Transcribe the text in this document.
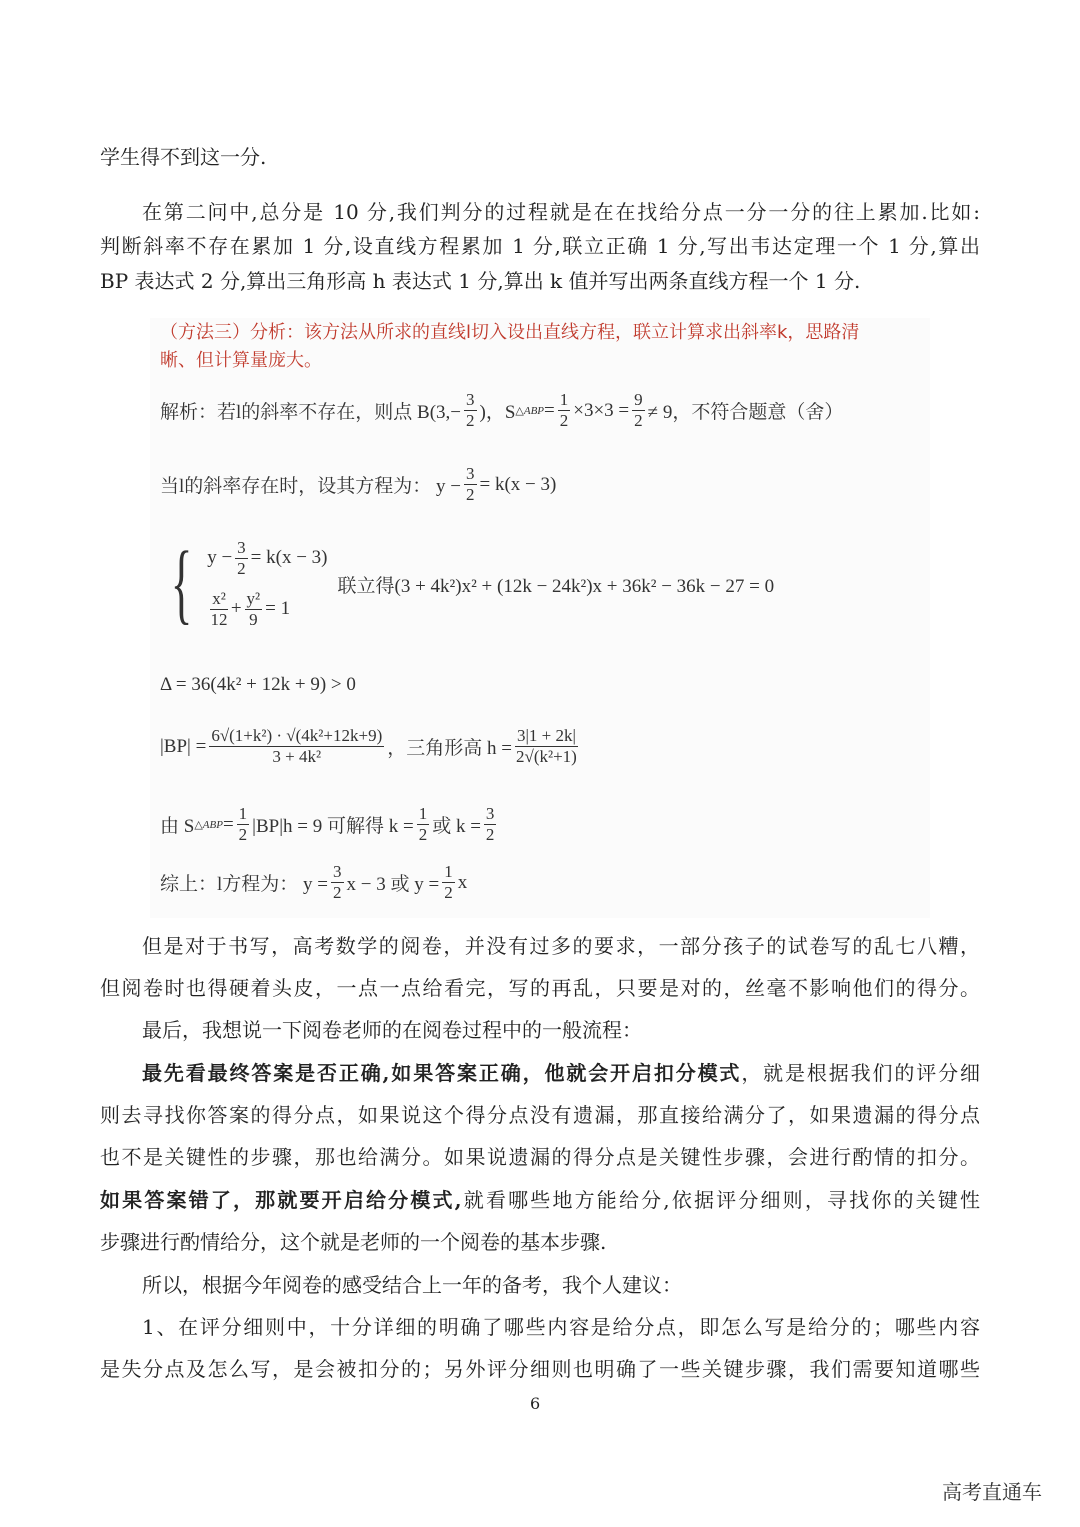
学生得不到这一分.
在第二问中,总分是 10 分,我们判分的过程就是在在找给分点一分一分的往上累加.比如:
判断斜率不存在累加 1 分,设直线方程累加 1 分,联立正确 1 分,写出韦达定理一个 1 分,算出
BP 表达式 2 分,算出三角形高 h 表达式 1 分,算出 k 值并写出两条直线方程一个 1 分.
（方法三）分析：该方法从所求的直线l切入设出直线方程，联立计算求出斜率k，思路清
晰、但计算量庞大。
解析：若l的斜率不存在，则点 $B(3,- \frac{3}{2}$ )，S △ABP = $\frac{1}{2} \times 3\times 3 = \frac{9}{2} \ne 9$，不符合题意（舍）
当l的斜率存在时，设其方程为： $y - \frac{3}{2} = k(x - 3)$
{ $y - \frac{3}{2} = k(x - 3)$
$\frac{\text{x²}}{12} + \frac{\text{y²}}{9} = 1$
联立得(3 + 4k²)x² + (12k − 24k²)x + 36k² − 36k − 27 = 0
Δ = 36(4k² + 12k + 9) > 0
$|BP| = \frac{\text{6√(1+k²) · √(4k²+12k+9)}}{\text{3 + 4k²}}$ ，三角形高 $h = \frac{3|1 + 2k|}{\text{2√(k²+1)}}$
由 S △ABP = $\frac{1}{2} |BP|h = 9$ 可解得 $k = \frac{1}{2}$ 或 $k = \frac{3}{2}$
综上：l方程为： $y = \frac{3}{2}$ x − 3 或 $y = \frac{1}{2}$ x
但是对于书写，高考数学的阅卷，并没有过多的要求，一部分孩子的试卷写的乱七八糟，
但阅卷时也得硬着头皮，一点一点给看完，写的再乱，只要是对的，丝毫不影响他们的得分。
最后，我想说一下阅卷老师的在阅卷过程中的一般流程：
最先看最终答案是否正确,如果答案正确，他就会开启扣分模式，就是根据我们的评分细
则去寻找你答案的得分点，如果说这个得分点没有遗漏，那直接给满分了，如果遗漏的得分点
也不是关键性的步骤，那也给满分。如果说遗漏的得分点是关键性步骤，会进行酌情的扣分。
如果答案错了，那就要开启给分模式,就看哪些地方能给分,依据评分细则，寻找你的关键性
步骤进行酌情给分，这个就是老师的一个阅卷的基本步骤.
所以，根据今年阅卷的感受结合上一年的备考，我个人建议：
1、在评分细则中，十分详细的明确了哪些内容是给分点，即怎么写是给分的；哪些内容
是失分点及怎么写，是会被扣分的；另外评分细则也明确了一些关键步骤，我们需要知道哪些
6
高考直通车
